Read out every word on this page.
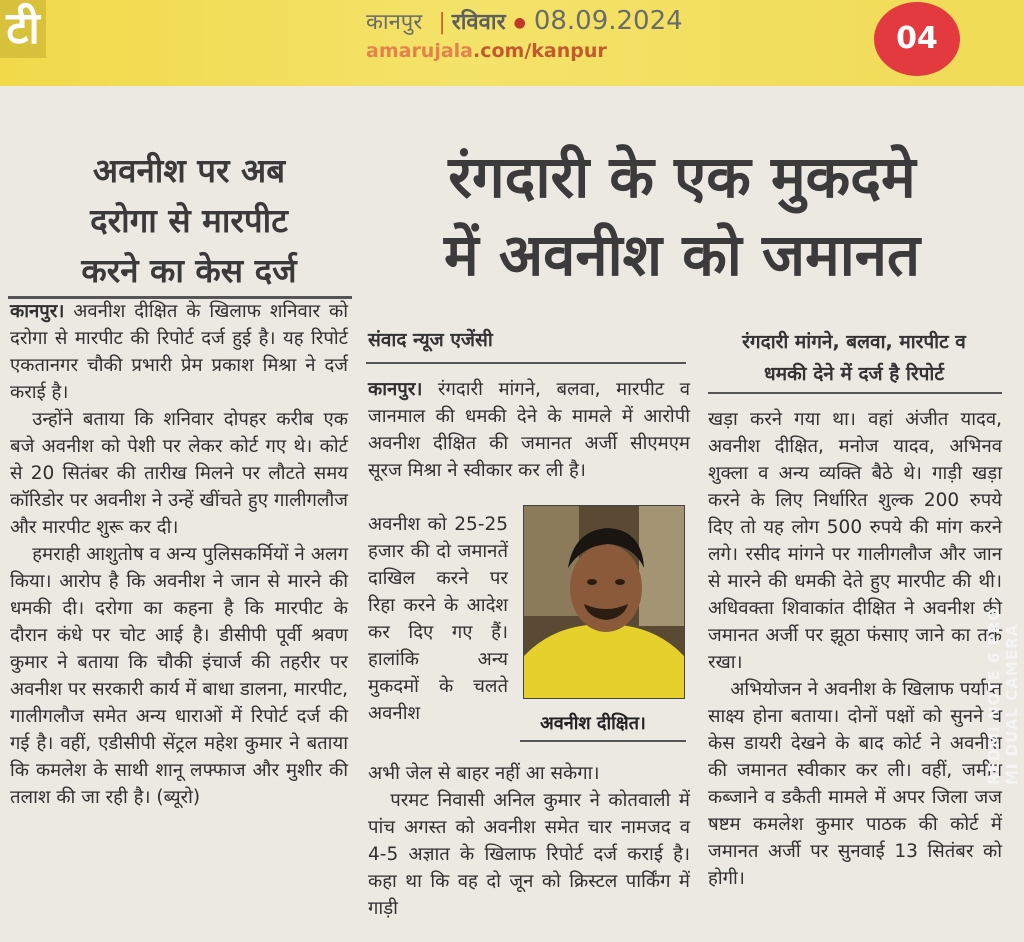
टी	कानपुर | रविवार ● 08.09.2024
amarujala.com/kanpur	04
अवनीश पर अब
दरोगा से मारपीट
करने का केस दर्ज

कानपुर। अवनीश दीक्षित के खिलाफ शनिवार को दरोगा से मारपीट की रिपोर्ट दर्ज हुई है। यह रिपोर्ट एकतानगर चौकी प्रभारी प्रेम प्रकाश मिश्रा ने दर्ज कराई है।

उन्होंने बताया कि शनिवार दोपहर करीब एक बजे अवनीश को पेशी पर लेकर कोर्ट गए थे। कोर्ट से 20 सितंबर की तारीख मिलने पर लौटते समय कॉरिडोर पर अवनीश ने उन्हें खींचते हुए गालीगलौज और मारपीट शुरू कर दी।

हमराही आशुतोष व अन्य पुलिसकर्मियों ने अलग किया। आरोप है कि अवनीश ने जान से मारने की धमकी दी। दरोगा का कहना है कि मारपीट के दौरान कंधे पर चोट आई है। डीसीपी पूर्वी श्रवण कुमार ने बताया कि चौकी इंचार्ज की तहरीर पर अवनीश पर सरकारी कार्य में बाधा डालना, मारपीट, गालीगलौज समेत अन्य धाराओं में रिपोर्ट दर्ज की गई है। वहीं, एडीसीपी सेंट्रल महेश कुमार ने बताया कि कमलेश के साथी शानू लफ्फाज और मुशीर की तलाश की जा रही है। (ब्यूरो)

रंगदारी के एक मुकदमे
में अवनीश को जमानत
संवाद न्यूज एजेंसी	रंगदारी मांगने, बलवा, मारपीट व
धमकी देने में दर्ज है रिपोर्ट

कानपुर। रंगदारी मांगने, बलवा, मारपीट व जानमाल की धमकी देने के मामले में आरोपी अवनीश दीक्षित की जमानत अर्जी सीएमएम सूरज मिश्रा ने स्वीकार कर ली है।

अवनीश को 25-25 हजार की दो जमानतें दाखिल करने पर रिहा करने के आदेश कर दिए गए हैं। हालांकि अन्य मुकदमों के चलते अवनीश	अवनीश दीक्षित।

अभी जेल से बाहर नहीं आ सकेगा।

परमट निवासी अनिल कुमार ने कोतवाली में पांच अगस्त को अवनीश समेत चार नामजद व 4-5 अज्ञात के खिलाफ रिपोर्ट दर्ज कराई है। कहा था कि वह दो जून को क्रिस्टल पार्किंग में गाड़ी

खड़ा करने गया था। वहां अंजीत यादव, अवनीश दीक्षित, मनोज यादव, अभिनव शुक्ला व अन्य व्यक्ति बैठे थे। गाड़ी खड़ा करने के लिए निर्धारित शुल्क 200 रुपये दिए तो यह लोग 500 रुपये की मांग करने लगे। रसीद मांगने पर गालीगलौज और जान से मारने की धमकी देते हुए मारपीट की थी। अधिवक्ता शिवाकांत दीक्षित ने अवनीश की जमानत अर्जी पर झूठा फंसाए जाने का तर्क रखा।

अभियोजन ने अवनीश के खिलाफ पर्याप्त साक्ष्य होना बताया। दोनों पक्षों को सुनने व केस डायरी देखने के बाद कोर्ट ने अवनीश की जमानत स्वीकार कर ली। वहीं, जमीन कब्जाने व डकैती मामले में अपर जिला जज षष्टम कमलेश कुमार पाठक की कोर्ट में जमानत अर्जी पर सुनवाई 13 सितंबर को होगी।

REDMI NOTE 6 PRO · MI DUAL CAMERA
